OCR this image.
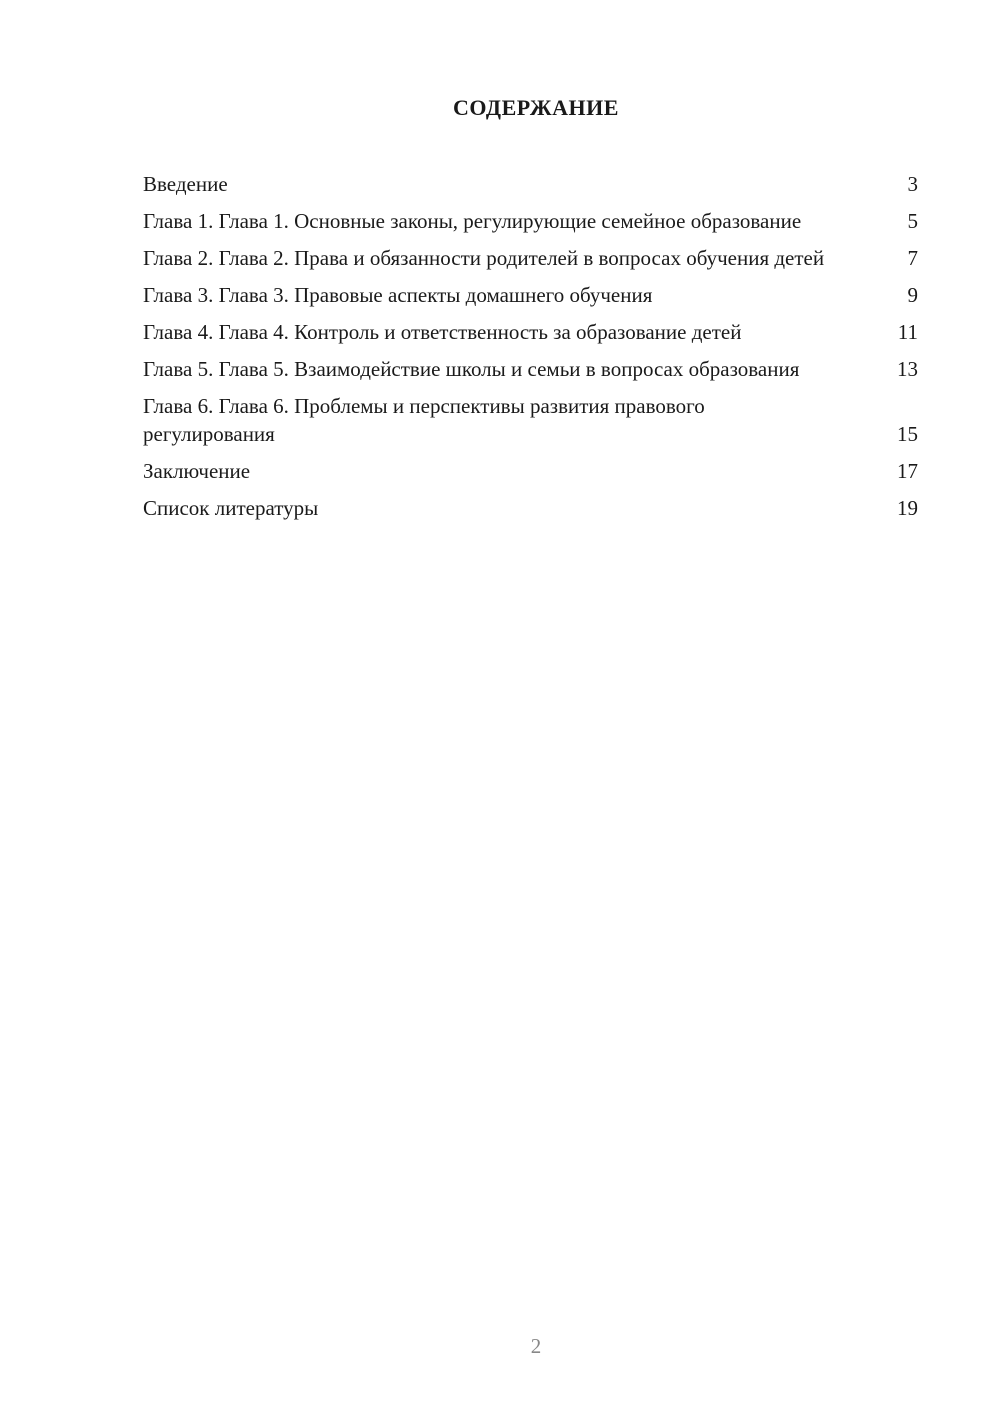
СОДЕРЖАНИЕ
Введение	3
Глава 1. Глава 1. Основные законы, регулирующие семейное образование	5
Глава 2. Глава 2. Права и обязанности родителей в вопросах обучения детей	7
Глава 3. Глава 3. Правовые аспекты домашнего обучения	9
Глава 4. Глава 4. Контроль и ответственность за образование детей	11
Глава 5. Глава 5. Взаимодействие школы и семьи в вопросах образования	13
Глава 6. Глава 6. Проблемы и перспективы развития правового регулирования	15
Заключение	17
Список литературы	19
2
